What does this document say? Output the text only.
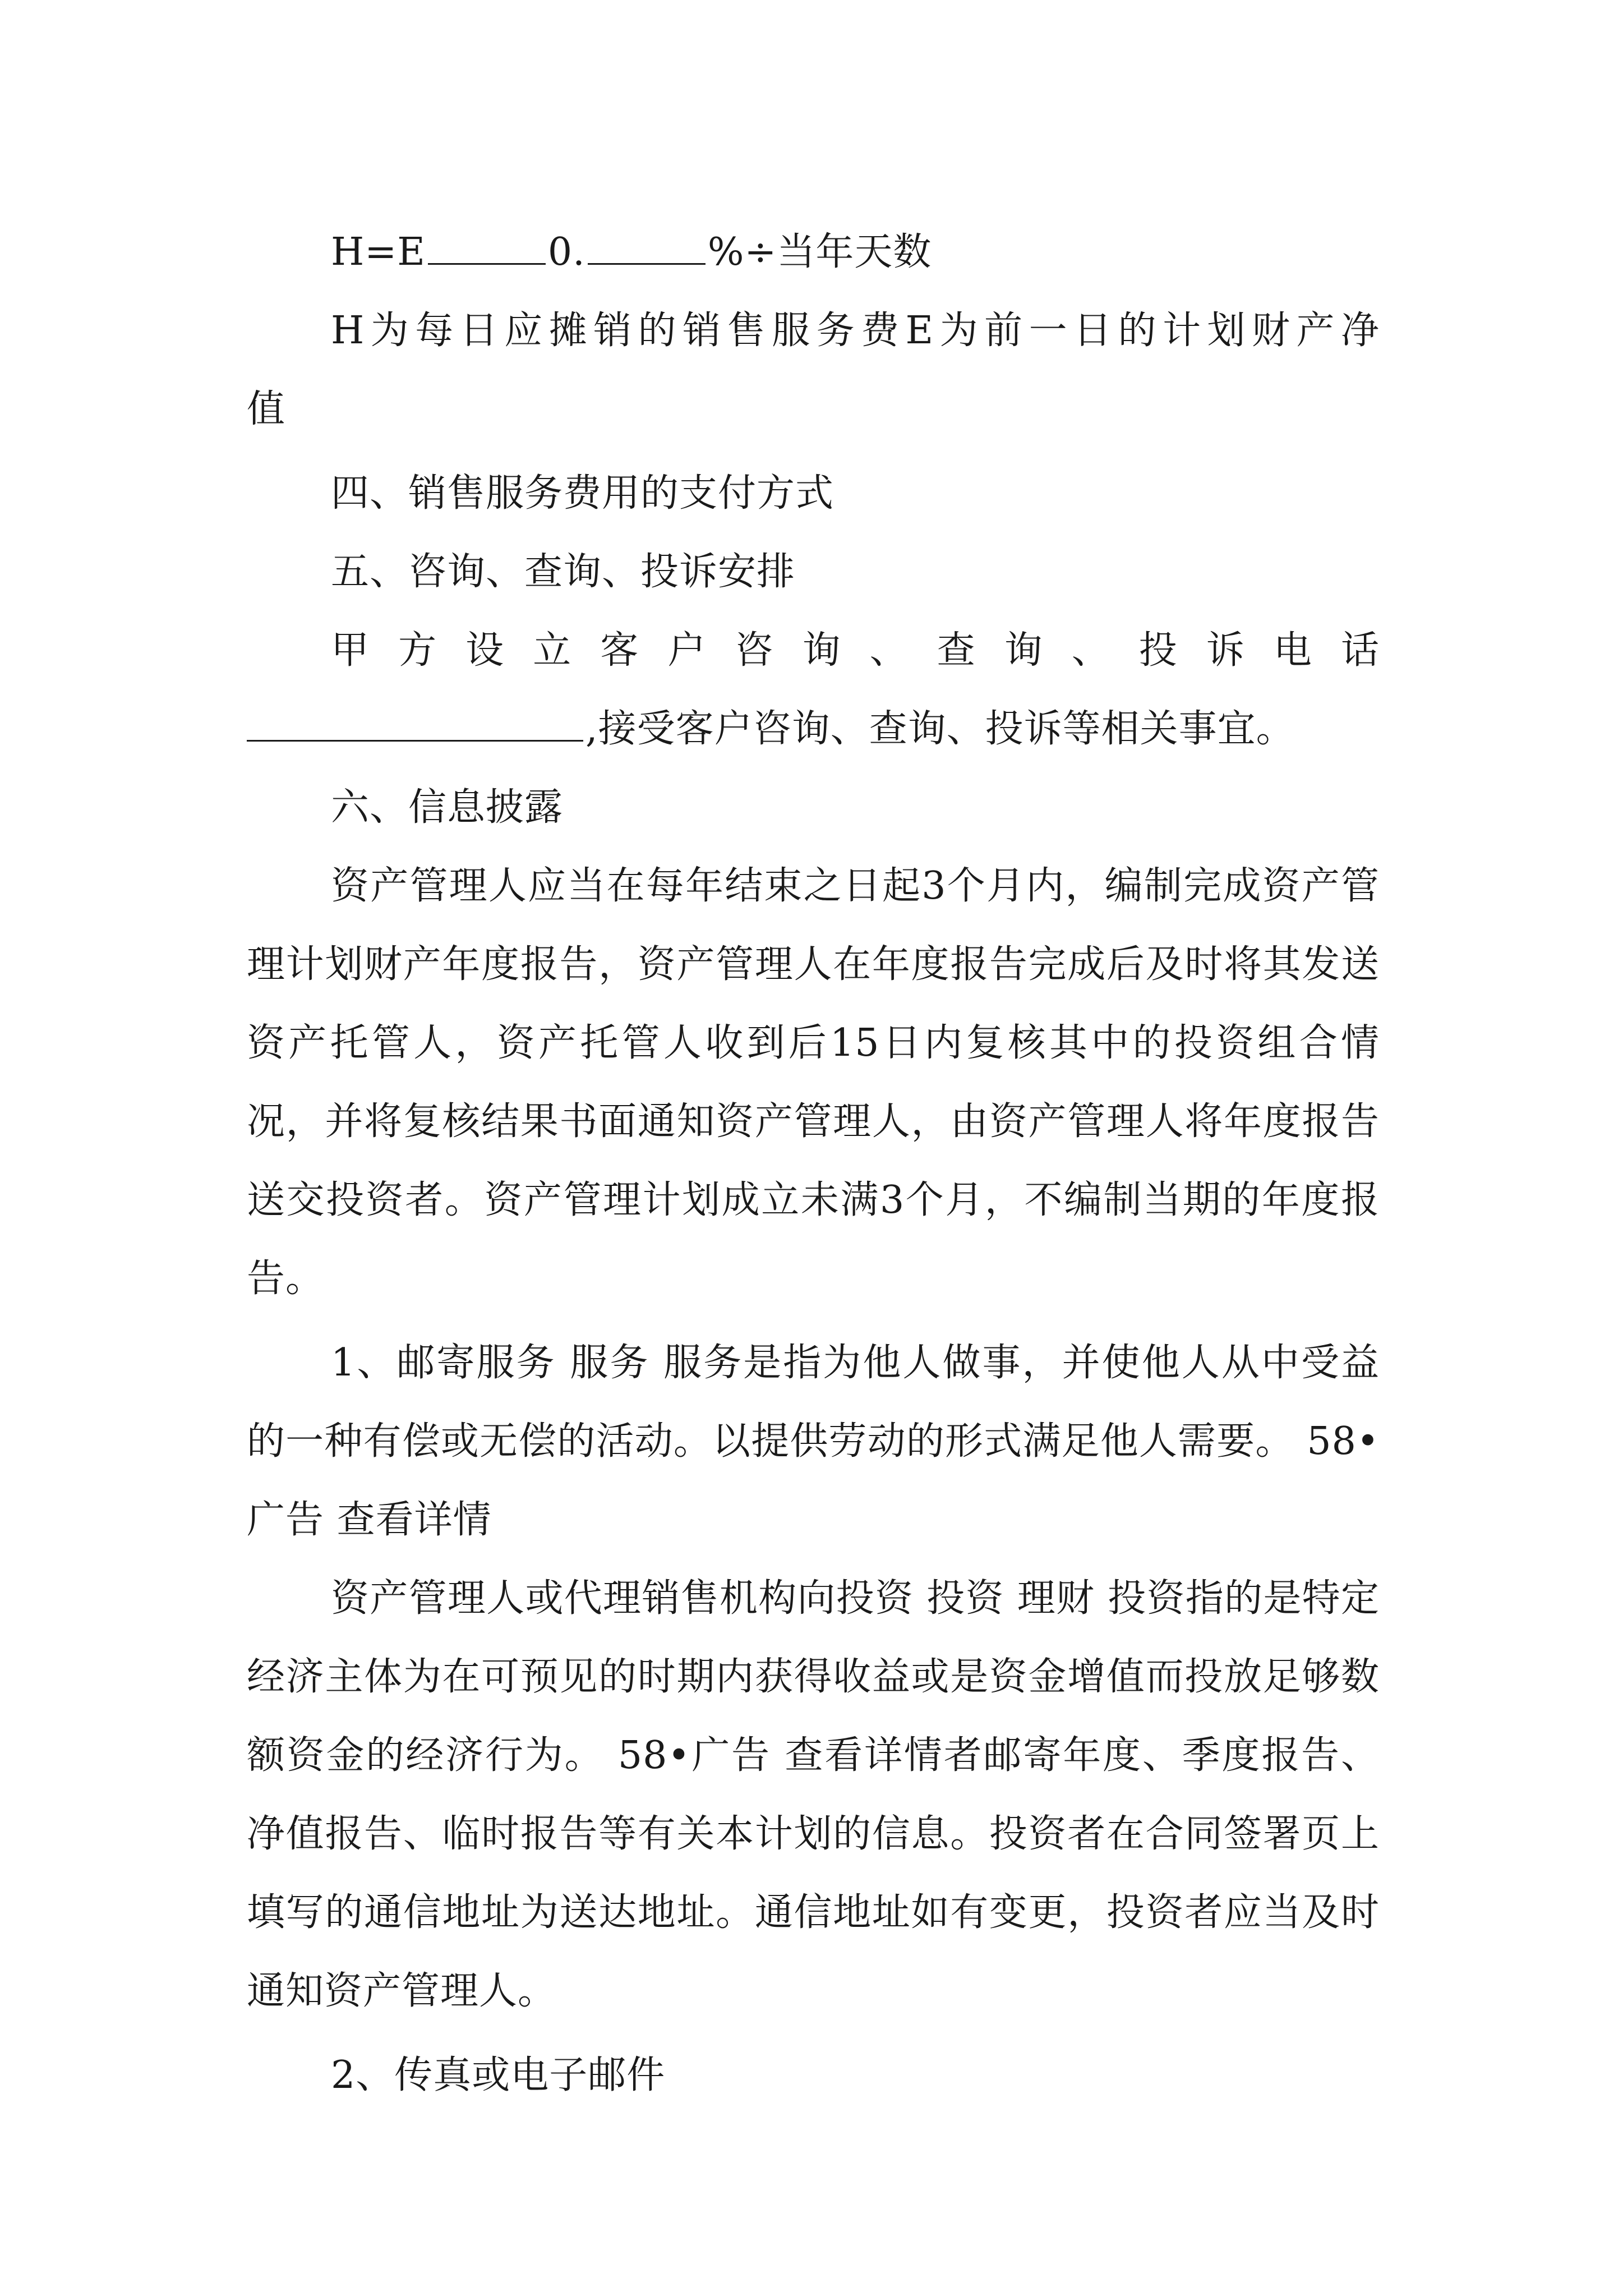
H=E	0.	%÷当年天数

H为每日应摊销的销售服务费E为前一日的计划财产净

值

四、销售服务费用的支付方式

五、咨询、查询、投诉安排

甲方设立客户咨询、查询、投诉电话

,接受客户咨询、查询、投诉等相关事宜。

六、信息披露

资产管理人应当在每年结束之日起3个月内，编制完成资产管理计划财产年度报告，资产管理人在年度报告完成后及时将其发送资产托管人，资产托管人收到后15日内复核其中的投资组合情况，并将复核结果书面通知资产管理人，由资产管理人将年度报告送交投资者。资产管理计划成立未满3个月，不编制当期的年度报告。

1、邮寄服务 服务 服务是指为他人做事，并使他人从中受益的一种有偿或无偿的活动。以提供劳动的形式满足他人需要。 58•广告 查看详情

资产管理人或代理销售机构向投资 投资 理财 投资指的是特定经济主体为在可预见的时期内获得收益或是资金增值而投放足够数额资金的经济行为。 58•广告 查看详情者邮寄年度、季度报告、净值报告、临时报告等有关本计划的信息。投资者在合同签署页上填写的通信地址为送达地址。通信地址如有变更，投资者应当及时通知资产管理人。

2、传真或电子邮件
